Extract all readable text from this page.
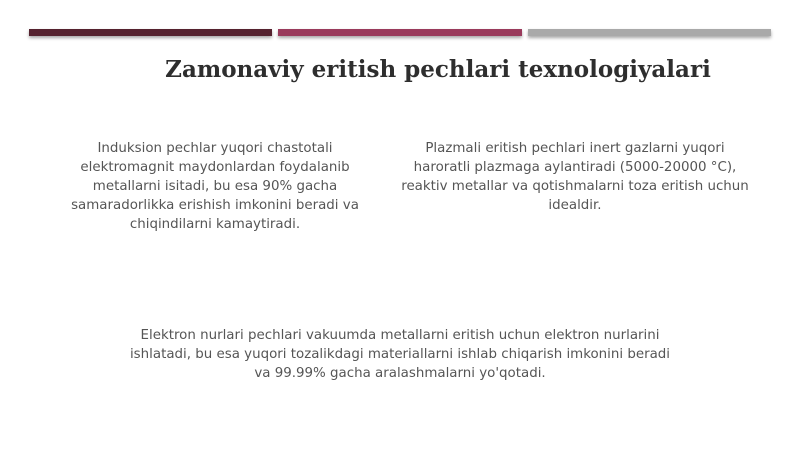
Zamonaviy eritish pechlari texnologiyalari

Induksion pechlar yuqori chastotali elektromagnit maydonlardan foydalanib metallarni isitadi, bu esa 90% gacha samaradorlikka erishish imkonini beradi va chiqindilarni kamaytiradi.

Plazmali eritish pechlari inert gazlarni yuqori haroratli plazmaga aylantiradi (5000-20000 °C), reaktiv metallar va qotishmalarni toza eritish uchun idealdir.

Elektron nurlari pechlari vakuumda metallarni eritish uchun elektron nurlarini ishlatadi, bu esa yuqori tozalikdagi materiallarni ishlab chiqarish imkonini beradi va 99.99% gacha aralashmalarni yo'qotadi.
